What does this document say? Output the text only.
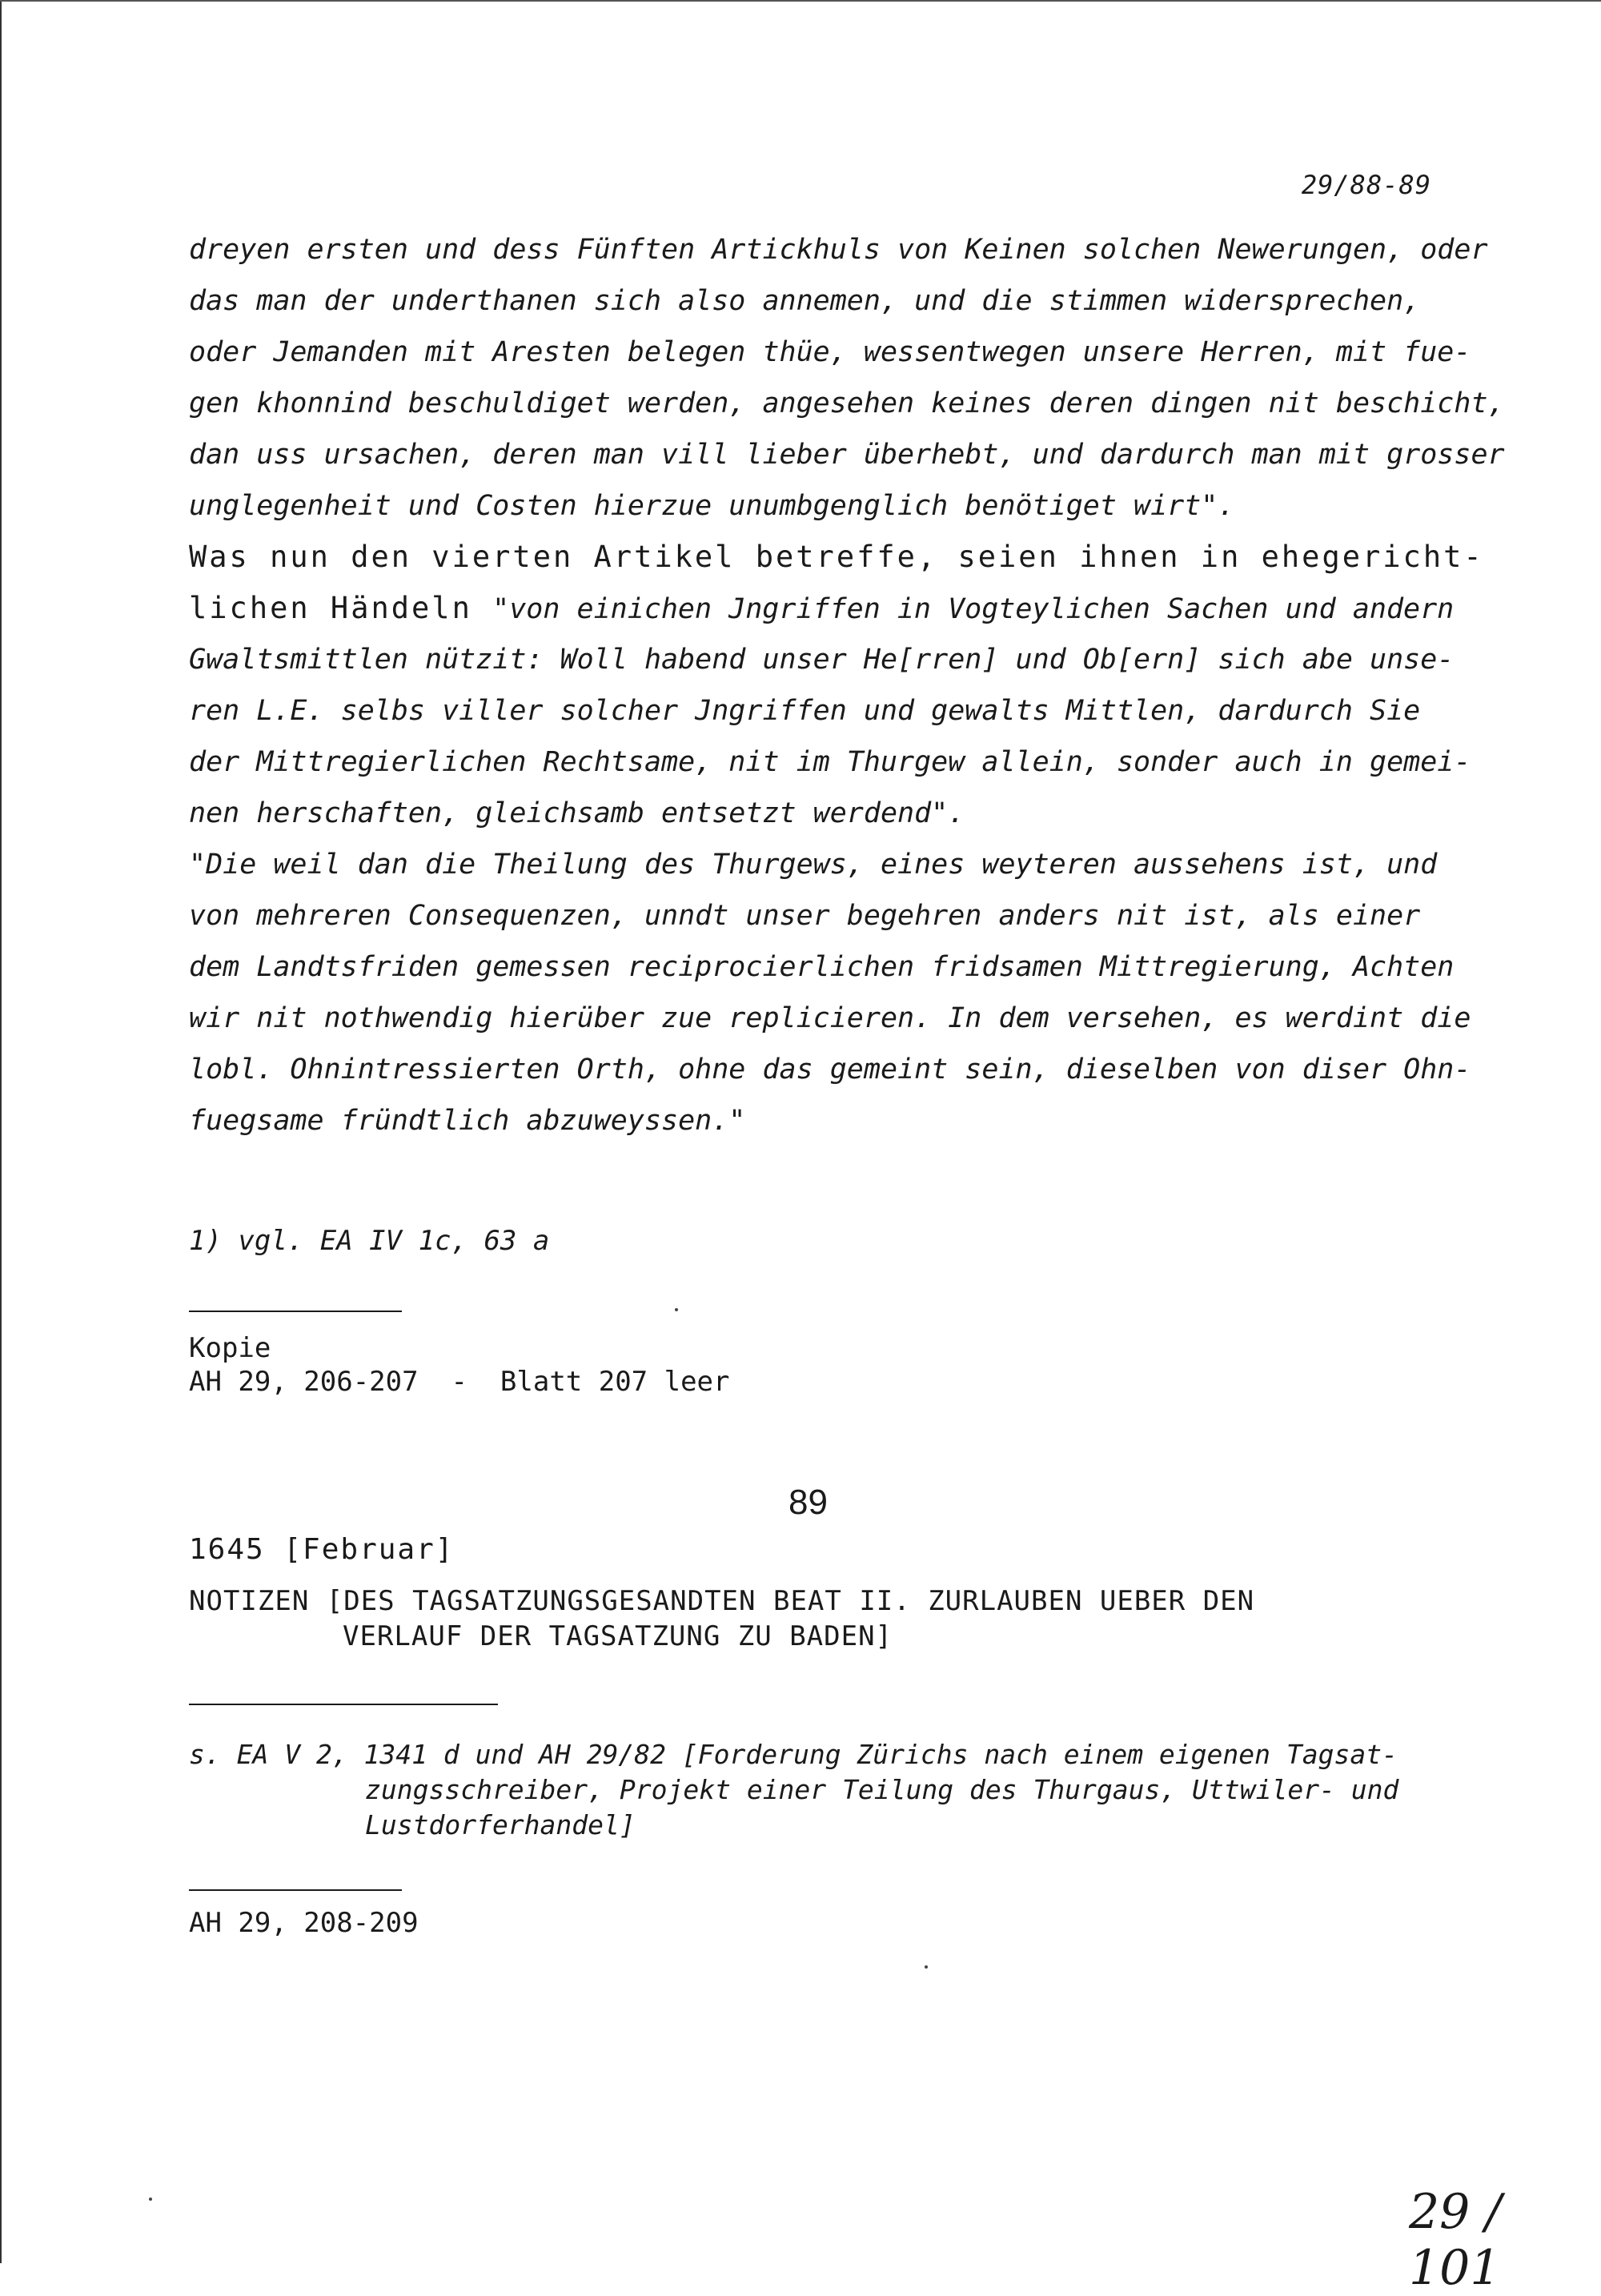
29/88-89
dreyen ersten und dess Fünften Artickhuls von Keinen solchen Newerungen, oder
das man der underthanen sich also annemen, und die stimmen widersprechen,
oder Jemanden mit Aresten belegen thüe, wessentwegen unsere Herren, mit fue-
gen khonnind beschuldiget werden, angesehen keines deren dingen nit beschicht,
dan uss ursachen, deren man vill lieber überhebt, und dardurch man mit grosser
unglegenheit und Costen hierzue unumbgenglich benötiget wirt".
Was nun den vierten Artikel betreffe, seien ihnen in ehegericht-
lichen Händeln "von einichen Jngriffen in Vogteylichen Sachen und andern
Gwaltsmittlen nützit: Woll habend unser He[rren] und Ob[ern] sich abe unse-
ren L.E. selbs viller solcher Jngriffen und gewalts Mittlen, dardurch Sie
der Mittregierlichen Rechtsame, nit im Thurgew allein, sonder auch in gemei-
nen herschaften, gleichsamb entsetzt werdend".
"Die weil dan die Theilung des Thurgews, eines weyteren aussehens ist, und
von mehreren Consequenzen, unndt unser begehren anders nit ist, als einer
dem Landtsfriden gemessen reciprocierlichen fridsamen Mittregierung, Achten
wir nit nothwendig hierüber zue replicieren. In dem versehen, es werdint die
lobl. Ohnintressierten Orth, ohne das gemeint sein, dieselben von diser Ohn-
fuegsame fründtlich abzuweyssen."
1) vgl. EA IV 1c, 63 a
Kopie
AH 29, 206-207  -  Blatt 207 leer
89
1645 [Februar]
NOTIZEN [DES TAGSATZUNGSGESANDTEN BEAT II. ZURLAUBEN UEBER DEN
VERLAUF DER TAGSATZUNG ZU BADEN]
s. EA V 2, 1341 d und AH 29/82 [Forderung Zürichs nach einem eigenen Tagsat-
zungsschreiber, Projekt einer Teilung des Thurgaus, Uttwiler- und
Lustdorferhandel]
AH 29, 208-209
29 / 101
